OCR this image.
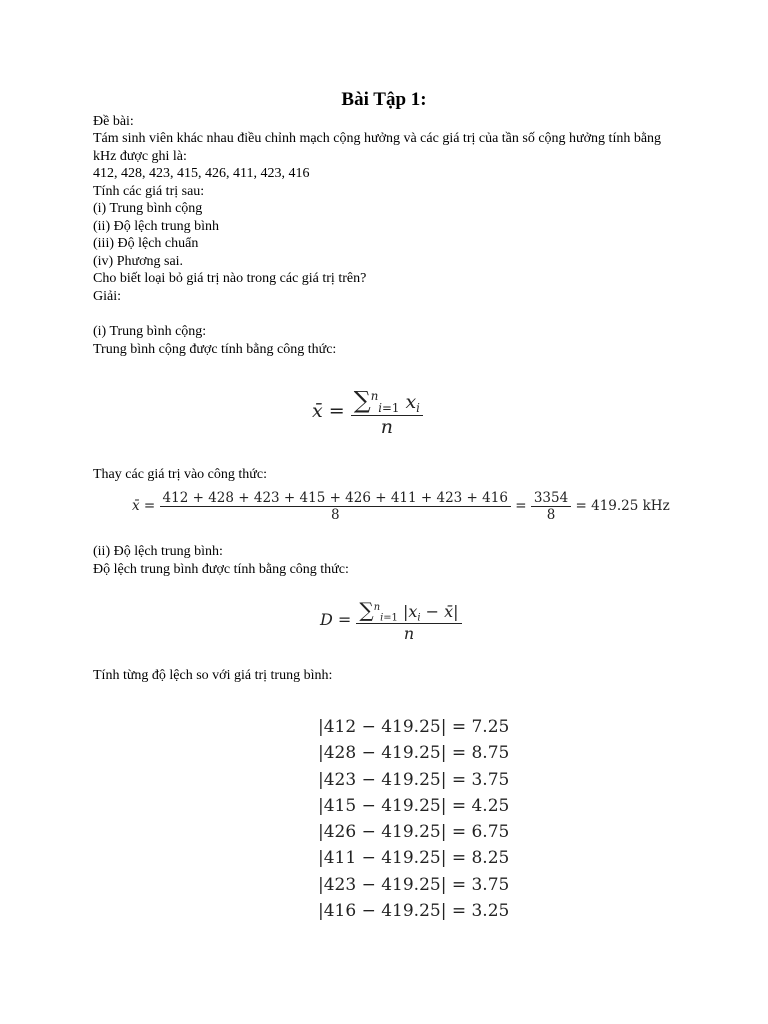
Bài Tập 1:
Đề bài:
Tám sinh viên khác nhau điều chỉnh mạch cộng hưởng và các giá trị của tần số cộng hưởng tính bằng
kHz được ghi là:
412, 428, 423, 415, 426, 411, 423, 416
Tính các giá trị sau:
(i) Trung bình cộng
(ii) Độ lệch trung bình
(iii) Độ lệch chuẩn
(iv) Phương sai.
Cho biết loại bỏ giá trị nào trong các giá trị trên?
Giải:
(i) Trung bình cộng:
Trung bình cộng được tính bằng công thức:
x̄ = $\frac{\sum^n_{i=1} x_i}{n}$
Thay các giá trị vào công thức:
x̄ = $\frac{412 + 428 + 423 + 415 + 426 + 411 + 423 + 416}{8} = \frac{3354}{8} = 419.25$ kHz
(ii) Độ lệch trung bình:
Độ lệch trung bình được tính bằng công thức:
$D = \frac{\sum^n_{i=1} |x_i - x̄|}{n}$
Tính từng độ lệch so với giá trị trung bình:
|412 − 419.25| = 7.25
|428 − 419.25| = 8.75
|423 − 419.25| = 3.75
|415 − 419.25| = 4.25
|426 − 419.25| = 6.75
|411 − 419.25| = 8.25
|423 − 419.25| = 3.75
|416 − 419.25| = 3.25
